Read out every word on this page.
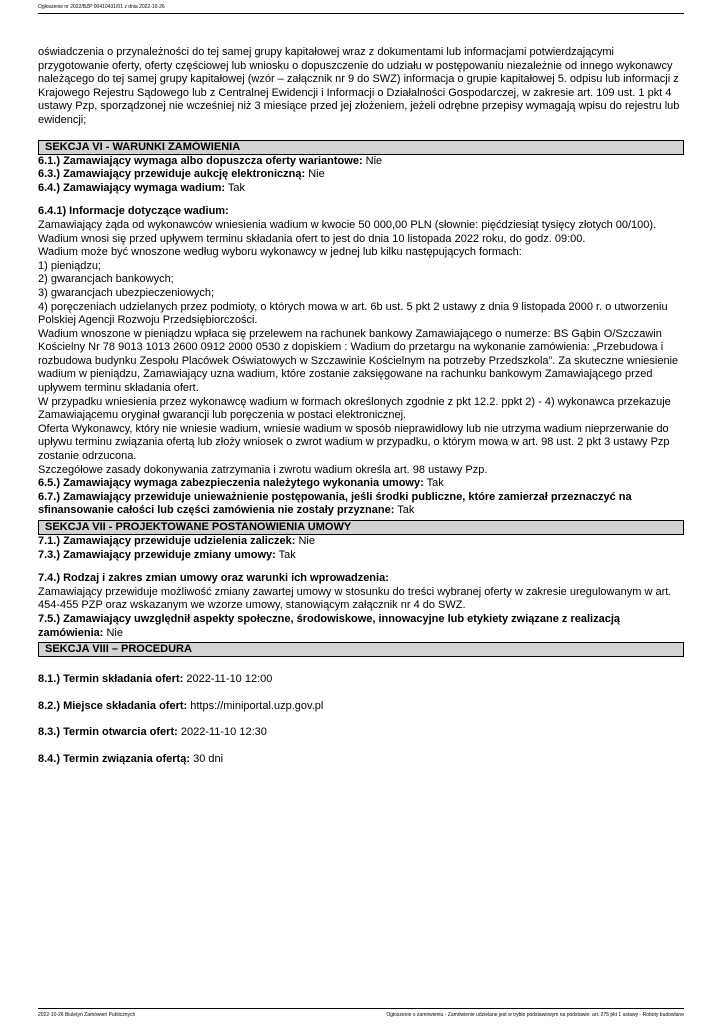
Ogłoszenie nr 2022/BZP 00410431/01 z dnia 2022-10-26

oświadczenia o przynależności do tej samej grupy kapitałowej wraz z dokumentami lub informacjami potwierdzającymi przygotowanie oferty, oferty częściowej lub wniosku o dopuszczenie do udziału w postępowaniu niezależnie od innego wykonawcy należącego do tej samej grupy kapitałowej (wzór – załącznik nr 9 do SWZ) informacja o grupie kapitałowej 5. odpisu lub informacji z Krajowego Rejestru Sądowego lub z Centralnej Ewidencji i Informacji o Działalności Gospodarczej, w zakresie art. 109 ust. 1 pkt 4 ustawy Pzp, sporządzonej nie wcześniej niż 3 miesiące przed jej złożeniem, jeżeli odrębne przepisy wymagają wpisu do rejestru lub ewidencji;

SEKCJA VI - WARUNKI ZAMÓWIENIA

6.1.) Zamawiający wymaga albo dopuszcza oferty wariantowe: Nie

6.3.) Zamawiający przewiduje aukcję elektroniczną: Nie

6.4.) Zamawiający wymaga wadium: Tak

6.4.1) Informacje dotyczące wadium:

Zamawiający żąda od wykonawców wniesienia wadium w kwocie 50 000,00 PLN (słownie: pięćdziesiąt tysięcy złotych 00/100).

Wadium wnosi się przed upływem terminu składania ofert to jest do dnia 10 listopada 2022 roku, do godz. 09:00.

Wadium może być wnoszone według wyboru wykonawcy w jednej lub kilku następujących formach:

1) pieniądzu;

2) gwarancjach bankowych;

3) gwarancjach ubezpieczeniowych;

4) poręczeniach udzielanych przez podmioty, o których mowa w art. 6b ust. 5 pkt 2 ustawy z dnia 9 listopada 2000 r. o utworzeniu Polskiej Agencji Rozwoju Przedsiębiorczości.

Wadium wnoszone w pieniądzu wpłaca się przelewem na rachunek bankowy Zamawiającego o numerze: BS Gąbin O/Szczawin Kościelny Nr 78 9013 1013 2600 0912 2000 0530 z dopiskiem : Wadium do przetargu na wykonanie zamówienia: „Przebudowa i rozbudowa budynku Zespołu Placówek Oświatowych w Szczawinie Kościelnym na potrzeby Przedszkola”. Za skuteczne wniesienie wadium w pieniądzu, Zamawiający uzna wadium, które zostanie zaksięgowane na rachunku bankowym Zamawiającego przed upływem terminu składania ofert.

W przypadku wniesienia przez wykonawcę wadium w formach określonych zgodnie z pkt 12.2. ppkt 2) - 4) wykonawca przekazuje Zamawiającemu oryginał gwarancji lub poręczenia w postaci elektronicznej.

Oferta Wykonawcy, który nie wniesie wadium, wniesie wadium w sposób nieprawidłowy lub nie utrzyma wadium nieprzerwanie do upływu terminu związania ofertą lub złoży wniosek o zwrot wadium w przypadku, o którym mowa w art. 98 ust. 2 pkt 3 ustawy Pzp zostanie odrzucona.

Szczegółowe zasady dokonywania zatrzymania i zwrotu wadium określa art. 98 ustawy Pzp.

6.5.) Zamawiający wymaga zabezpieczenia należytego wykonania umowy: Tak

6.7.) Zamawiający przewiduje unieważnienie postępowania, jeśli środki publiczne, które zamierzał przeznaczyć na sfinansowanie całości lub części zamówienia nie zostały przyznane: Tak

SEKCJA VII - PROJEKTOWANE POSTANOWIENIA UMOWY

7.1.) Zamawiający przewiduje udzielenia zaliczek: Nie

7.3.) Zamawiający przewiduje zmiany umowy: Tak

7.4.) Rodzaj i zakres zmian umowy oraz warunki ich wprowadzenia:

Zamawiający przewiduje możliwość zmiany zawartej umowy w stosunku do treści wybranej oferty w zakresie uregulowanym w art. 454-455 PZP oraz wskazanym we wzorze umowy, stanowiącym załącznik nr 4 do SWZ.

7.5.) Zamawiający uwzględnił aspekty społeczne, środowiskowe, innowacyjne lub etykiety związane z realizacją zamówienia: Nie

SEKCJA VIII – PROCEDURA

8.1.) Termin składania ofert: 2022-11-10 12:00

8.2.) Miejsce składania ofert: https://miniportal.uzp.gov.pl

8.3.) Termin otwarcia ofert: 2022-11-10 12:30

8.4.) Termin związania ofertą: 30 dni

2022-10-26 Biuletyn Zamówień Publicznych	Ogłoszenie o zamówieniu - Zamówienie udzielane jest w trybie podstawowym na podstawie: art. 275 pkt 1 ustawy - Roboty budowlane
